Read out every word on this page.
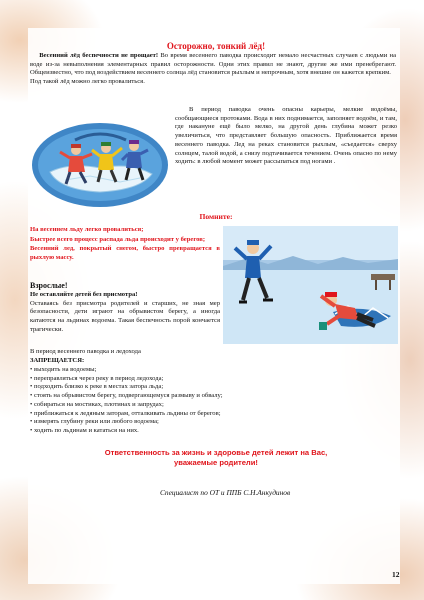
Осторожно, тонкий лёд!

Весенний лёд беспечности не прощает! Во время весеннего паводка происходит немало несчастных случаев с людьми на воде из-за невыполнения элементарных правил осторожности. Одни этих правил не знают, другие же ими пренебрегают. Общеизвестно, что под воздействием весеннего солнца лёд становится рыхлым и непрочным, хотя внешне он кажется крепким.

Под такой лёд можно легко провалиться.

В период паводка очень опасны карьеры, мелкие водоёмы, сообщающиеся протоками. Вода в них поднимается, заполняет водоём, и там, где накануне ещё было мелко, на другой день глубина может резко увеличиться, что представляет большую опасность. Приближается время весеннего паводка. Лед на реках становится рыхлым, «съедается» сверху солнцем, талой водой, а снизу подтачивается течением. Очень опасно по нему ходить: в любой момент может рассыпаться под ногами .

Помните:

На весеннем льду легко провалиться;

Быстрее всего процесс распада льда происходит у берегов;

Весенний лед, покрытый снегом, быстро превращается в рыхлую массу.

Взрослые!

Не оставляйте детей без присмотра!

Оставаясь без присмотра родителей и старших, не зная мер безопасности, дети играют на обрывистом берегу, а иногда катаются на льдинах водоема. Такая беспечность порой кончается трагически.

В период весеннего паводка и ледохода

ЗАПРЕЩАЕТСЯ:

• выходить на водоемы;
• переправляться через реку в период ледохода;
• подходить близко к реке в местах затора льда;
• стоять на обрывистом берегу, подвергающемуся размыву и обвалу;
• собираться на мостиках, плотинах и запрудах;
• приближаться к ледяным заторам, отталкивать льдины от берегов;
• измерять глубину реки или любого водоема;
• ходить по льдинам и кататься на них.
Ответственность за жизнь и здоровье детей лежит на Вас,
уважаемые родители!
Специалист по ОТ и ППБ С.Н.Анкудинов
12
